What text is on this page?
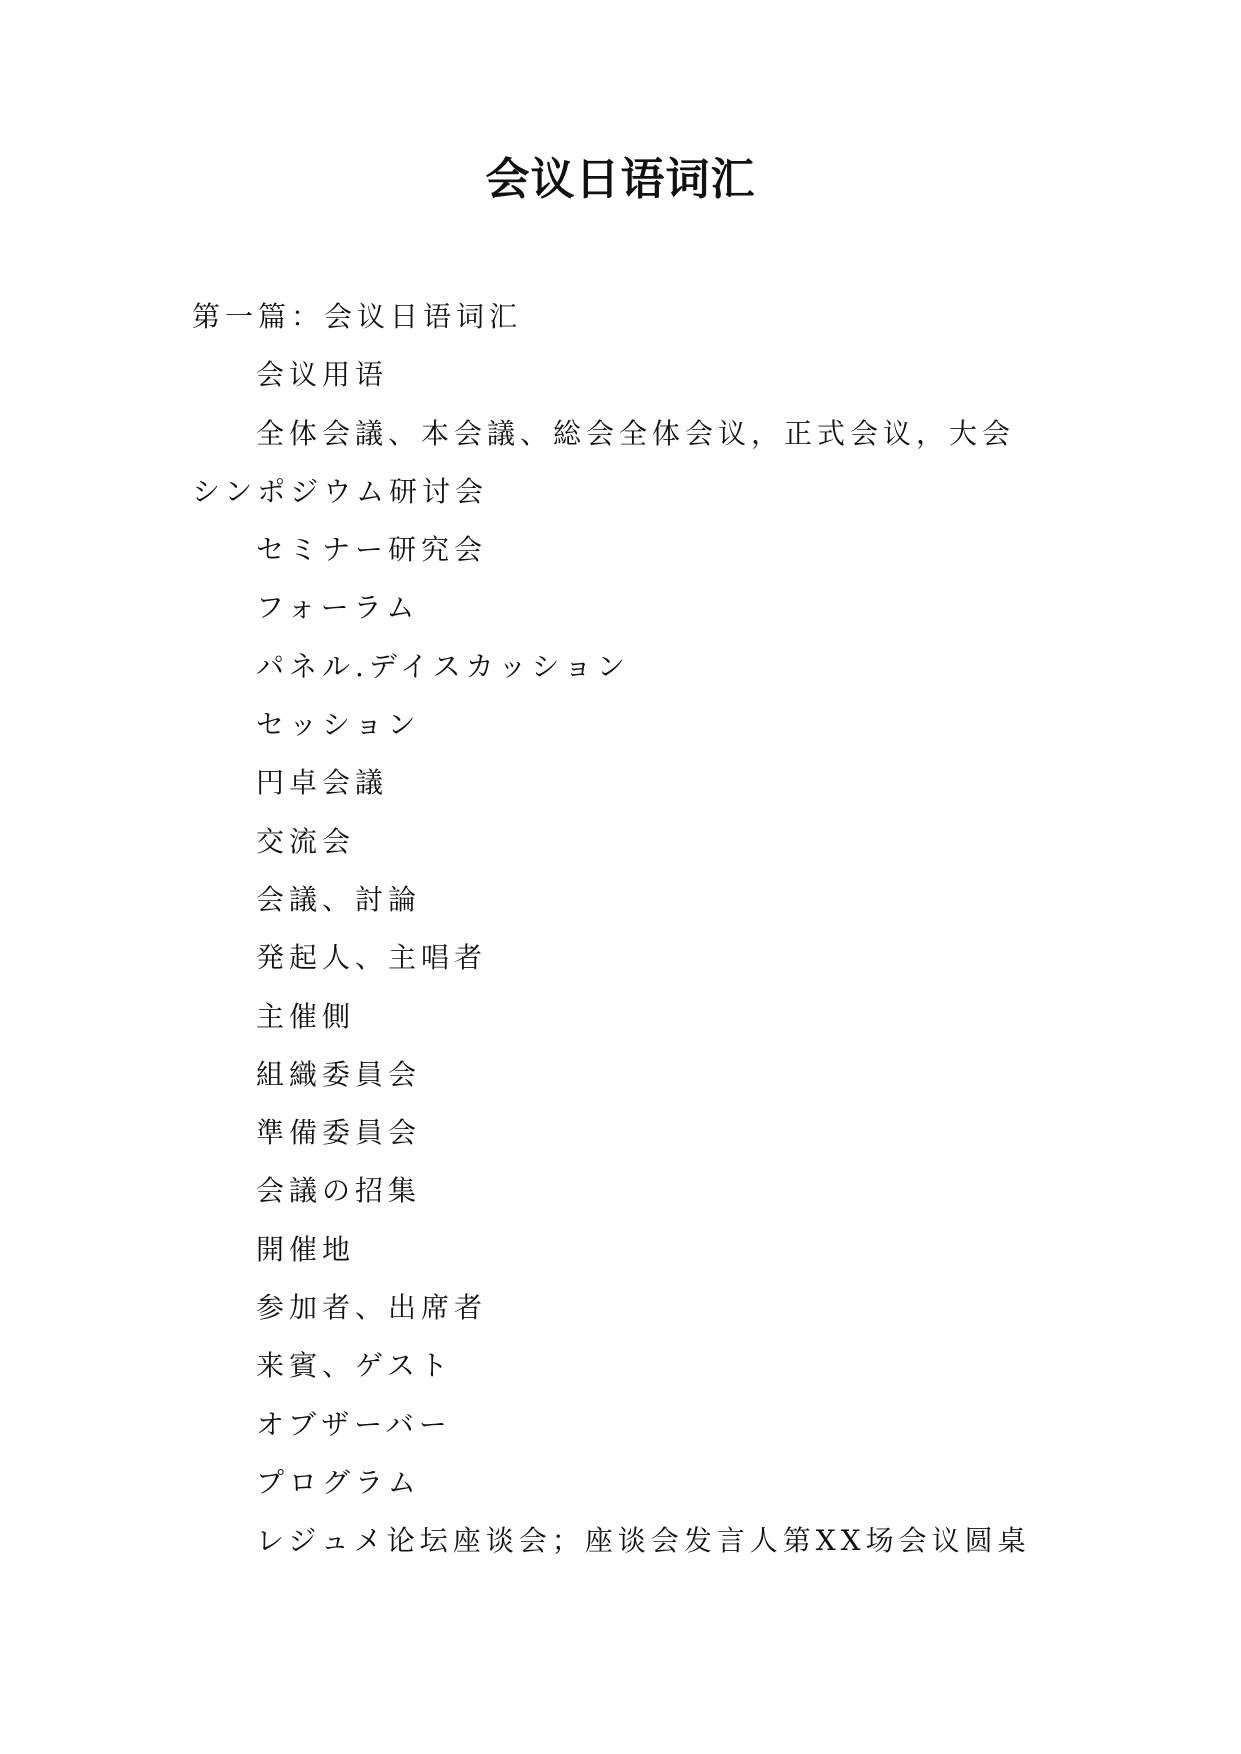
会议日语词汇
第一篇：会议日语词汇
会议用语
全体会議、本会議、総会全体会议，正式会议，大会
シンポジウム研讨会
セミナー研究会
フォーラム
パネル.デイスカッション
セッション
円卓会議
交流会
会議、討論
発起人、主唱者
主催側
組織委員会
準備委員会
会議の招集
開催地
参加者、出席者
来賓、ゲスト
オブザーバー
プログラム
レジュメ论坛座谈会；座谈会发言人第XX场会议圆桌
